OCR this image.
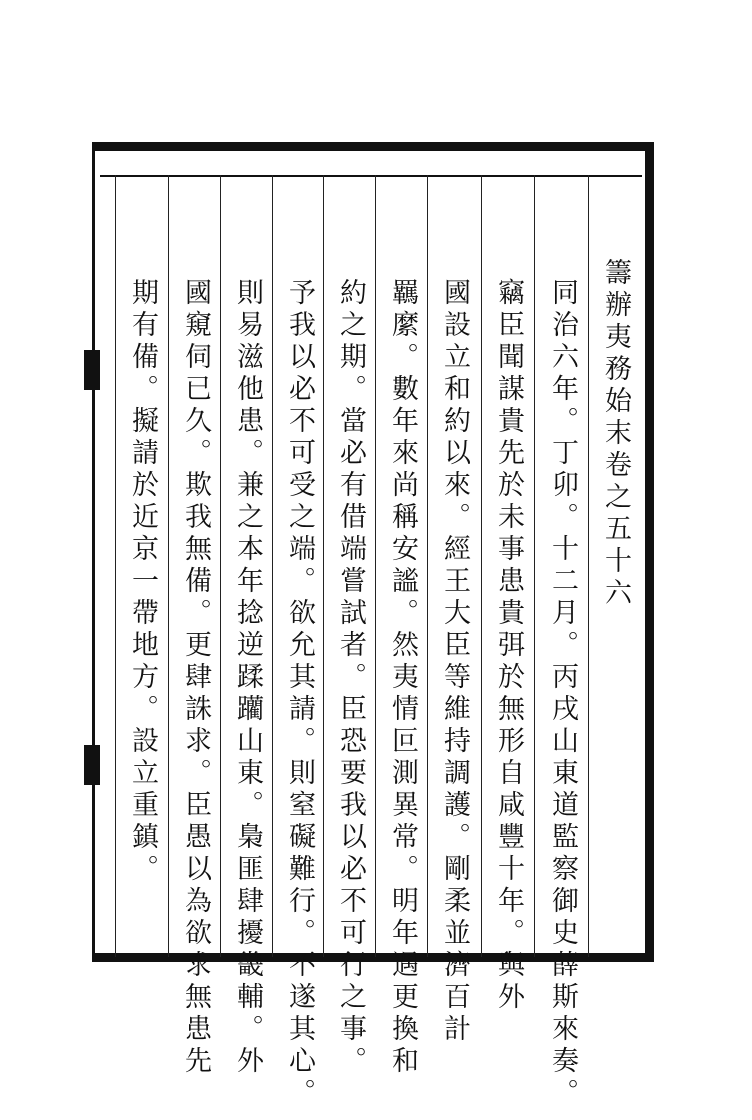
籌辦夷務始末卷之五十六
同治六年。丁卯。十二月。丙戌山東道監察御史薛斯來奏。
竊臣聞謀貴先於未事患貴弭於無形自咸豐十年。與外
國設立和約以來。經王大臣等維持調護。剛柔並濟百計
羈縻。數年來尚稱安謐。然夷情叵測異常。明年遇更換和
約之期。當必有借端嘗試者。臣恐要我以必不可行之事。
予我以必不可受之端。欲允其請。則窒礙難行。不遂其心。
則易滋他患。兼之本年捻逆蹂躪山東。梟匪肆擾畿輔。外
國窺伺已久。欺我無備。更肆誅求。臣愚以為欲求無患先
期有備。擬請於近京一帶地方。設立重鎮。
